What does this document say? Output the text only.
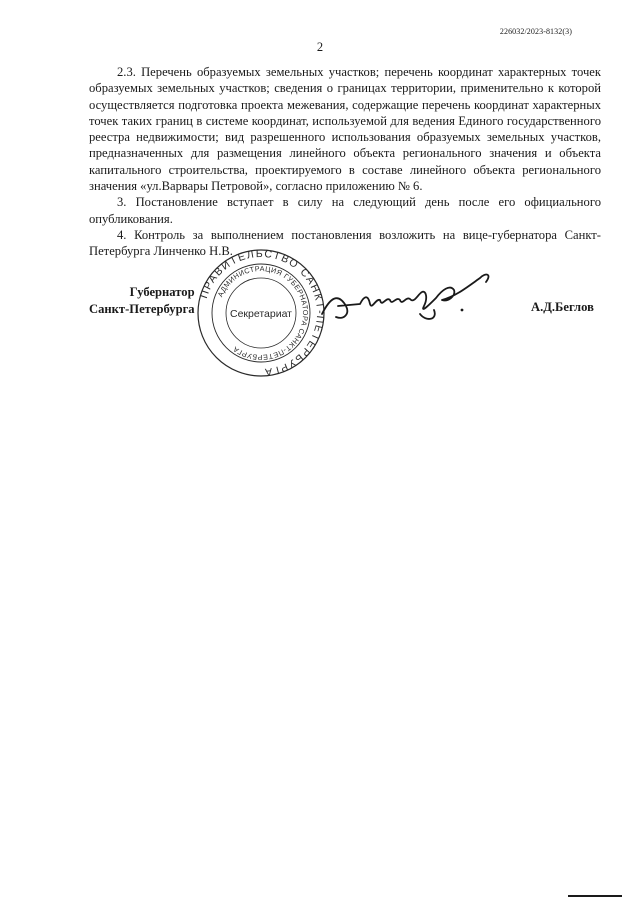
226032/2023-8132(3)
2

2.3. Перечень образуемых земельных участков; перечень координат характерных точек образуемых земельных участков; сведения о границах территории, применительно к которой осуществляется подготовка проекта межевания, содержащие перечень координат характерных точек таких границ в системе координат, используемой для ведения Единого государственного реестра недвижимости; вид разрешенного использования образуемых земельных участков, предназначенных для размещения линейного объекта регионального значения и объекта капитального строительства, проектируемого в составе линейного объекта регионального значения «ул.Варвары Петровой», согласно приложению № 6.

3. Постановление вступает в силу на следующий день после его официального опубликования.

4. Контроль за выполнением постановления возложить на вице-губернатора Санкт-Петербурга Линченко Н.В.

Губернатор
Санкт-Петербурга
ПРАВИТЕЛЬСТВО САНКТ-ПЕТЕРБУРГА
АДМИНИСТРАЦИЯ ГУБЕРНАТОРА САНКТ-ПЕТЕРБУРГА
Секретариат	А.Д.Беглов
